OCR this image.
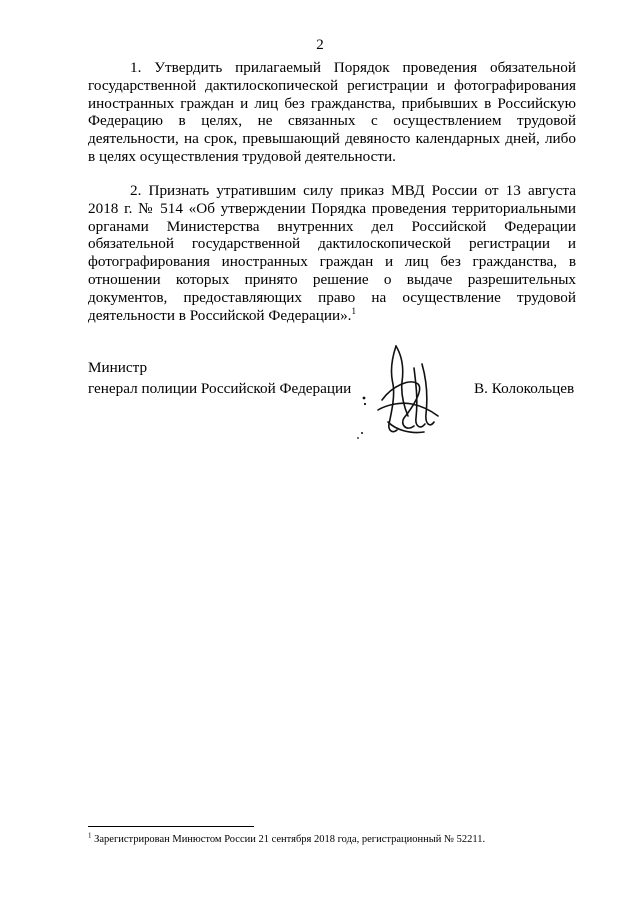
2
1. Утвердить прилагаемый Порядок проведения обязательной государственной дактилоскопической регистрации и фотографирования иностранных граждан и лиц без гражданства, прибывших в Российскую Федерацию в целях, не связанных с осуществлением трудовой деятельности, на срок, превышающий девяносто календарных дней, либо в целях осуществления трудовой деятельности.
2. Признать утратившим силу приказ МВД России от 13 августа 2018 г. № 514 «Об утверждении Порядка проведения территориальными органами Министерства внутренних дел Российской Федерации обязательной государственной дактилоскопической регистрации и фотографирования иностранных граждан и лиц без гражданства, в отношении которых принято решение о выдаче разрешительных документов, предоставляющих право на осуществление трудовой деятельности в Российской Федерации».$^1$
Министр
генерал полиции Российской Федерации	В. Колокольцев
$^1$ Зарегистрирован Минюстом России 21 сентября 2018 года, регистрационный № 52211.
